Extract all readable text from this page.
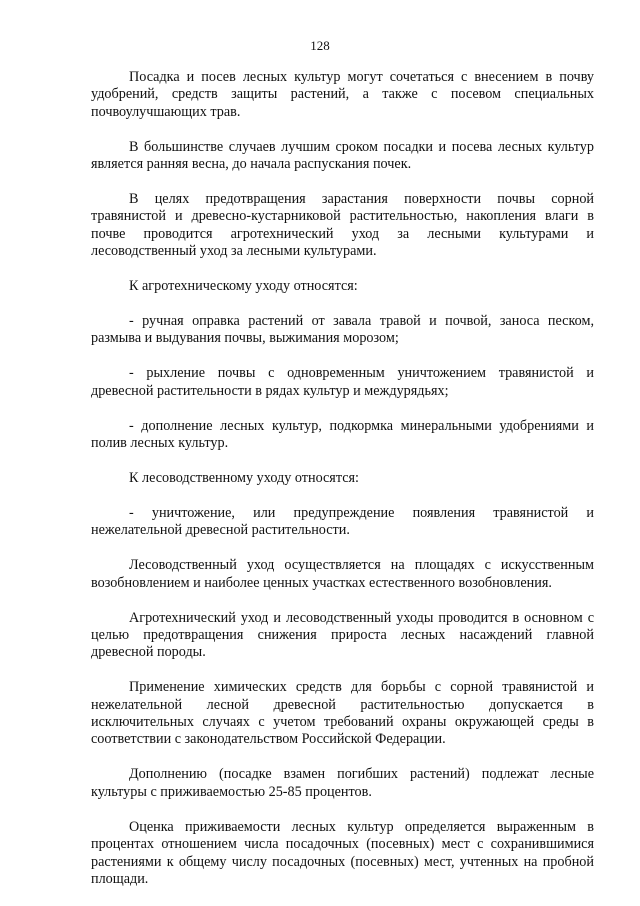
128

Посадка и посев лесных культур могут сочетаться с внесением в почву удобрений, средств защиты растений, а также с посевом специальных почвоулучшающих трав.

В большинстве случаев лучшим сроком посадки и посева лесных культур является ранняя весна, до начала распускания почек.

В целях предотвращения зарастания поверхности почвы сорной травянистой и древесно-кустарниковой растительностью, накопления влаги в почве проводится агротехнический уход за лесными культурами и лесоводственный уход за лесными культурами.

К агротехническому уходу относятся:

- ручная оправка растений от завала травой и почвой, заноса песком, размыва и выдувания почвы, выжимания морозом;

- рыхление почвы с одновременным уничтожением травянистой и древесной растительности в рядах культур и междурядьях;

- дополнение лесных культур, подкормка минеральными удобрениями и полив лесных культур.

К лесоводственному уходу относятся:

- уничтожение, или предупреждение появления травянистой и нежелательной древесной растительности.

Лесоводственный уход осуществляется на площадях с искусственным возобновлением и наиболее ценных участках естественного возобновления.

Агротехнический уход и лесоводственный уходы проводится в основном с целью предотвращения снижения прироста лесных насаждений главной древесной породы.

Применение химических средств для борьбы с сорной травянистой и нежелательной лесной древесной растительностью допускается в исключительных случаях с учетом требований охраны окружающей среды в соответствии с законодательством Российской Федерации.

Дополнению (посадке взамен погибших растений) подлежат лесные культуры с приживаемостью 25-85 процентов.

Оценка приживаемости лесных культур определяется выраженным в процентах отношением числа посадочных (посевных) мест с сохранившимися растениями к общему числу посадочных (посевных) мест, учтенных на пробной площади.
